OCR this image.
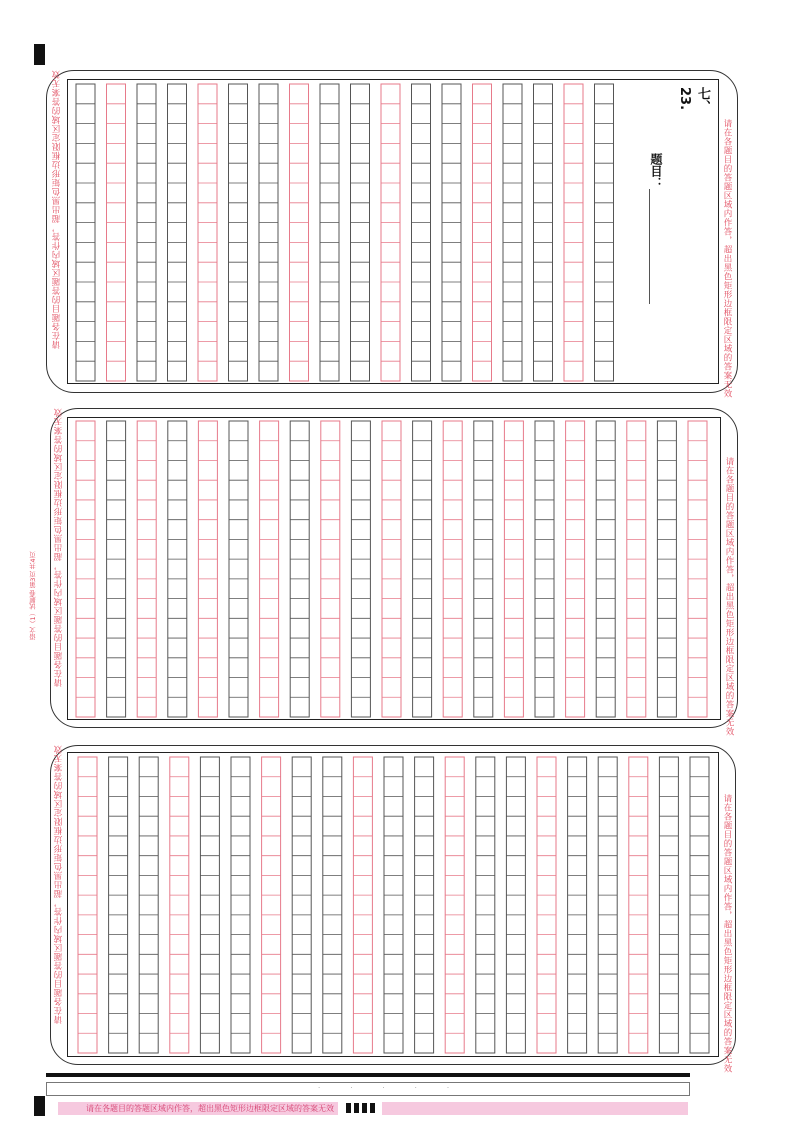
请在各题目的答题区域内作答，超出黑色矩形边框限定区域的答案无效	请在各题目的答题区域内作答，超出黑色矩形边框限定区域的答案无效
七、
23.
题目：
请在各题目的答题区域内作答，超出黑色矩形边框限定区域的答案无效	请在各题目的答题区域内作答，超出黑色矩形边框限定区域的答案无效
语文（1）试题卷 第3页 共4页
请在各题目的答题区域内作答，超出黑色矩形边框限定区域的答案无效	请在各题目的答题区域内作答，超出黑色矩形边框限定区域的答案无效
·····
请在各题目的答题区域内作答，超出黑色矩形边框限定区域的答案无效
